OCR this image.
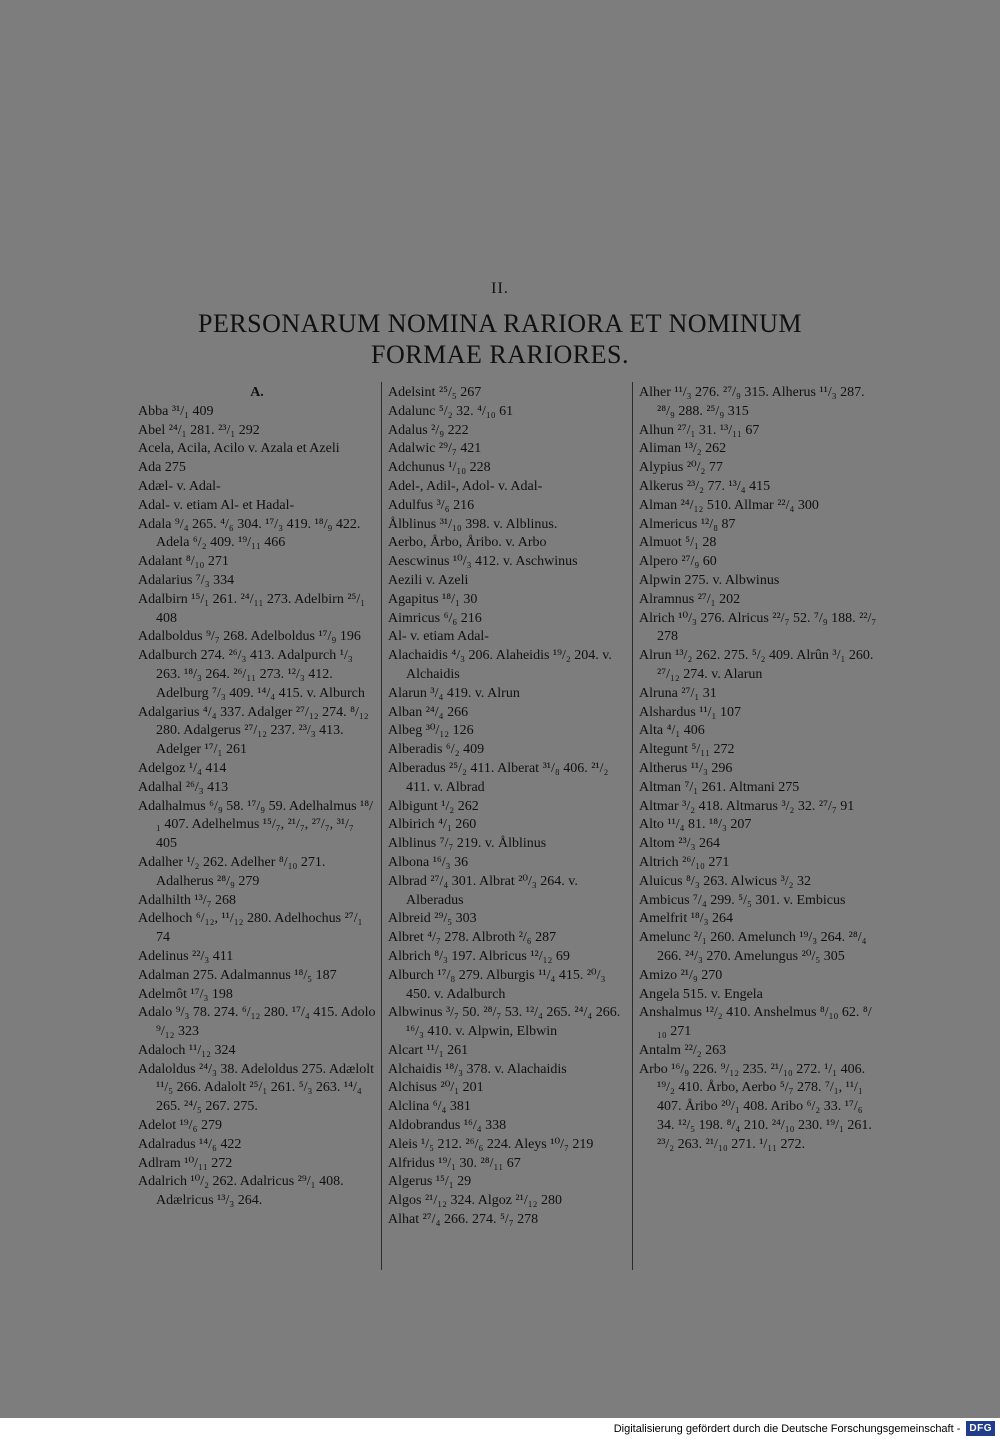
II.
PERSONARUM NOMINA RARIORA ET NOMINUM
FORMAE RARIORES.
A.
Abba ³¹/₁ 409
Abel ²⁴/₁ 281. ²³/₁ 292
Acela, Acila, Acilo v. Azala et Azeli
Ada 275
Adæl- v. Adal-
Adal- v. etiam Al- et Hadal-
Adala ⁹/₄ 265. ⁴/₆ 304. ¹⁷/₃ 419. ¹⁸/₉ 422. Adela ⁶/₂ 409. ¹⁹/₁₁ 466
Adalant ⁸/₁₀ 271
Adalarius ⁷/₃ 334
Adalbirn ¹⁵/₁ 261. ²⁴/₁₁ 273. Adelbirn ²⁵/₁ 408
Adalboldus ⁹/₇ 268. Adelboldus ¹⁷/₉ 196
Adalburch 274. ²⁶/₃ 413. Adalpurch ¹/₃ 263. ¹⁸/₃ 264. ²⁶/₁₁ 273. ¹²/₃ 412. Adelburg ⁷/₃ 409. ¹⁴/₄ 415. v. Alburch
Adalgarius ⁴/₄ 337. Adalger ²⁷/₁₂ 274. ⁸/₁₂ 280. Adalgerus ²⁷/₁₂ 237. ²³/₃ 413. Adelger ¹⁷/₁ 261
Adelgoz ¹/₄ 414
Adalhal ²⁶/₃ 413
Adalhalmus ⁶/₉ 58. ¹⁷/₉ 59. Adelhalmus ¹⁸/₁ 407. Adelhelmus ¹⁵/₇, ²¹/₇, ²⁷/₇, ³¹/₇ 405
Adalher ¹/₂ 262. Adelher ⁸/₁₀ 271. Adalherus ²⁸/₉ 279
Adalhilth ¹³/₇ 268
Adelhoch ⁶/₁₂, ¹¹/₁₂ 280. Adelhochus ²⁷/₁ 74
Adelinus ²²/₃ 411
Adalman 275. Adalmannus ¹⁸/₅ 187
Adelmôt ¹⁷/₃ 198
Adalo ⁹/₃ 78. 274. ⁶/₁₂ 280. ¹⁷/₄ 415. Adolo ⁹/₁₂ 323
Adaloch ¹¹/₁₂ 324
Adaloldus ²⁴/₃ 38. Adeloldus 275. Adælolt ¹¹/₅ 266. Adalolt ²⁵/₁ 261. ⁵/₃ 263. ¹⁴/₄ 265. ²⁴/₅ 267. 275.
Adelot ¹⁹/₆ 279
Adalradus ¹⁴/₆ 422
Adlram ¹⁰/₁₁ 272
Adalrich ¹⁰/₂ 262. Adalricus ²⁹/₁ 408. Adælricus ¹³/₃ 264.
Adelsint ²⁵/₅ 267
Adalunc ⁵/₂ 32. ⁴/₁₀ 61
Adalus ²/₉ 222
Adalwic ²⁹/₇ 421
Adchunus ¹/₁₀ 228
Adel-, Adil-, Adol- v. Adal-
Adulfus ³/₆ 216
Ålblinus ³¹/₁₀ 398. v. Alblinus.
Aerbo, Årbo, Åribo. v. Arbo
Aescwinus ¹⁰/₃ 412. v. Aschwinus
Aezili v. Azeli
Agapitus ¹⁸/₁ 30
Aimricus ⁶/₆ 216
Al- v. etiam Adal-
Alachaidis ⁴/₃ 206. Alaheidis ¹⁹/₂ 204. v. Alchaidis
Alarun ³/₄ 419. v. Alrun
Alban ²⁴/₄ 266
Albeg ³⁰/₁₂ 126
Alberadis ⁶/₂ 409
Alberadus ²⁵/₂ 411. Alberat ³¹/₈ 406. ²¹/₂ 411. v. Albrad
Albigunt ¹/₂ 262
Albirich ⁴/₁ 260
Alblinus ⁷/₇ 219. v. Ålblinus
Albona ¹⁶/₃ 36
Albrad ²⁷/₄ 301. Albrat ²⁰/₃ 264. v. Alberadus
Albreid ²⁹/₅ 303
Albret ⁴/₇ 278. Albroth ²/₆ 287
Albrich ⁸/₃ 197. Albricus ¹²/₁₂ 69
Alburch ¹⁷/₈ 279. Alburgis ¹¹/₄ 415. ²⁰/₃ 450. v. Adalburch
Albwinus ³/₇ 50. ²⁸/₇ 53. ¹²/₄ 265. ²⁴/₄ 266. ¹⁶/₃ 410. v. Alpwin, Elbwin
Alcart ¹¹/₁ 261
Alchaidis ¹⁸/₃ 378. v. Alachaidis
Alchisus ²⁰/₁ 201
Alclina ⁶/₄ 381
Aldobrandus ¹⁶/₄ 338
Aleis ¹/₅ 212. ²⁶/₆ 224. Aleys ¹⁰/₇ 219
Alfridus ¹⁹/₁ 30. ²⁸/₁₁ 67
Algerus ¹⁵/₁ 29
Algos ²¹/₁₂ 324. Algoz ²¹/₁₂ 280
Alhat ²⁷/₄ 266. 274. ⁵/₇ 278
Alher ¹¹/₃ 276. ²⁷/₉ 315. Alherus ¹¹/₃ 287. ²⁸/₉ 288. ²⁵/₉ 315
Alhun ²⁷/₁ 31. ¹³/₁₁ 67
Aliman ¹³/₂ 262
Alypius ²⁰/₂ 77
Alkerus ²³/₂ 77. ¹³/₄ 415
Alman ²⁴/₁₂ 510. Allmar ²²/₄ 300
Almericus ¹²/₈ 87
Almuot ⁵/₁ 28
Alpero ²⁷/₉ 60
Alpwin 275. v. Albwinus
Alramnus ²⁷/₁ 202
Alrich ¹⁰/₃ 276. Alricus ²²/₇ 52. ⁷/₉ 188. ²²/₇ 278
Alrun ¹³/₂ 262. 275. ⁵/₂ 409. Alrûn ³/₁ 260. ²⁷/₁₂ 274. v. Alarun
Alruna ²⁷/₁ 31
Alshardus ¹¹/₁ 107
Alta ⁴/₁ 406
Altegunt ⁵/₁₁ 272
Altherus ¹¹/₃ 296
Altman ⁷/₁ 261. Altmani 275
Altmar ³/₂ 418. Altmarus ³/₂ 32. ²⁷/₇ 91
Alto ¹¹/₄ 81. ¹⁸/₃ 207
Altom ²³/₃ 264
Altrich ²⁶/₁₀ 271
Aluicus ⁸/₃ 263. Alwicus ³/₂ 32
Ambicus ⁷/₄ 299. ⁵/₅ 301. v. Embicus
Amelfrit ¹⁸/₃ 264
Amelunc ²/₁ 260. Amelunch ¹⁹/₃ 264. ²⁸/₄ 266. ²⁴/₃ 270. Amelungus ²⁰/₅ 305
Amizo ²¹/₉ 270
Angela 515. v. Engela
Anshalmus ¹²/₂ 410. Anshelmus ⁸/₁₀ 62. ⁸/₁₀ 271
Antalm ²²/₂ 263
Arbo ¹⁶/₉ 226. ⁹/₁₂ 235. ²¹/₁₀ 272. ¹/₁ 406. ¹⁹/₂ 410. Årbo, Aerbo ⁵/₇ 278. ⁷/₁, ¹¹/₁ 407. Åribo ²⁰/₁ 408. Aribo ⁶/₂ 33. ¹⁷/₆ 34. ¹²/₅ 198. ⁸/₄ 210. ²⁴/₁₀ 230. ¹⁹/₁ 261. ²³/₂ 263. ²¹/₁₀ 271. ¹/₁₁ 272.
Digitalisierung gefördert durch die Deutsche Forschungsgemeinschaft - DFG
